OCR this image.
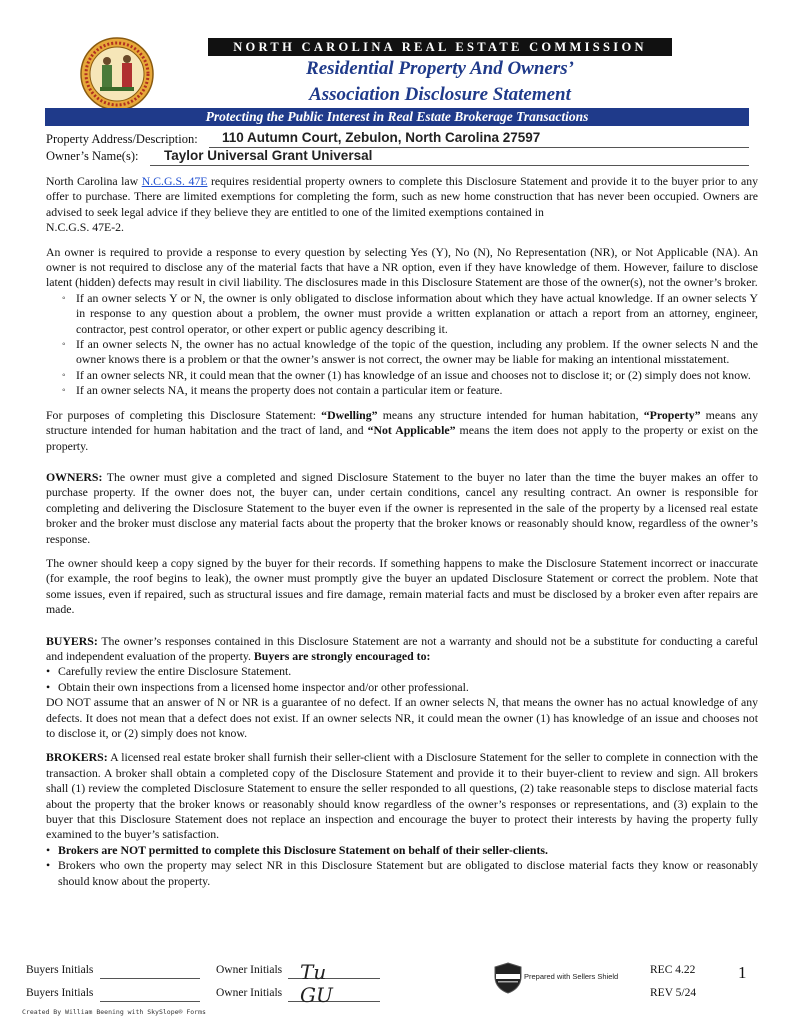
NORTH CAROLINA REAL ESTATE COMMISSION
Residential Property And Owners’
Association Disclosure Statement
Protecting the Public Interest in Real Estate Brokerage Transactions
Property Address/Description: 110 Autumn Court, Zebulon, North Carolina 27597
Owner’s Name(s): Taylor Universal Grant Universal

North Carolina law N.C.G.S. 47E requires residential property owners to complete this Disclosure Statement and provide it to the buyer prior to any offer to purchase. There are limited exemptions for completing the form, such as new home construction that has never been occupied. Owners are advised to seek legal advice if they believe they are entitled to one of the limited exemptions contained in
N.C.G.S. 47E-2.

An owner is required to provide a response to every question by selecting Yes (Y), No (N), No Representation (NR), or Not Applicable (NA). An owner is not required to disclose any of the material facts that have a NR option, even if they have knowledge of them. However, failure to disclose latent (hidden) defects may result in civil liability. The disclosures made in this Disclosure Statement are those of the owner(s), not the owner’s broker.

◦ If an owner selects Y or N, the owner is only obligated to disclose information about which they have actual knowledge. If an owner selects Y in response to any question about a problem, the owner must provide a written explanation or attach a report from an attorney, engineer, contractor, pest control operator, or other expert or public agency describing it.

◦ If an owner selects N, the owner has no actual knowledge of the topic of the question, including any problem. If the owner selects N and the owner knows there is a problem or that the owner’s answer is not correct, the owner may be liable for making an intentional misstatement.

◦ If an owner selects NR, it could mean that the owner (1) has knowledge of an issue and chooses not to disclose it; or (2) simply does not know.

◦ If an owner selects NA, it means the property does not contain a particular item or feature.

For purposes of completing this Disclosure Statement: “Dwelling” means any structure intended for human habitation, “Property” means any structure intended for human habitation and the tract of land, and “Not Applicable” means the item does not apply to the property or exist on the property.

OWNERS: The owner must give a completed and signed Disclosure Statement to the buyer no later than the time the buyer makes an offer to purchase property. If the owner does not, the buyer can, under certain conditions, cancel any resulting contract. An owner is responsible for completing and delivering the Disclosure Statement to the buyer even if the owner is represented in the sale of the property by a licensed real estate broker and the broker must disclose any material facts about the property that the broker knows or reasonably should know, regardless of the owner’s response.

The owner should keep a copy signed by the buyer for their records. If something happens to make the Disclosure Statement incorrect or inaccurate (for example, the roof begins to leak), the owner must promptly give the buyer an updated Disclosure Statement or correct the problem. Note that some issues, even if repaired, such as structural issues and fire damage, remain material facts and must be disclosed by a broker even after repairs are made.

BUYERS: The owner’s responses contained in this Disclosure Statement are not a warranty and should not be a substitute for conducting a careful and independent evaluation of the property. Buyers are strongly encouraged to:

• Carefully review the entire Disclosure Statement.

• Obtain their own inspections from a licensed home inspector and/or other professional.

DO NOT assume that an answer of N or NR is a guarantee of no defect. If an owner selects N, that means the owner has no actual knowledge of any defects. It does not mean that a defect does not exist. If an owner selects NR, it could mean the owner (1) has knowledge of an issue and chooses not to disclose it, or (2) simply does not know.

BROKERS: A licensed real estate broker shall furnish their seller-client with a Disclosure Statement for the seller to complete in connection with the transaction. A broker shall obtain a completed copy of the Disclosure Statement and provide it to their buyer-client to review and sign. All brokers shall (1) review the completed Disclosure Statement to ensure the seller responded to all questions, (2) take reasonable steps to disclose material facts about the property that the broker knows or reasonably should know regardless of the owner’s responses or representations, and (3) explain to the buyer that this Disclosure Statement does not replace an inspection and encourage the buyer to protect their interests by having the property fully examined to the buyer’s satisfaction.

• Brokers are NOT permitted to complete this Disclosure Statement on behalf of their seller-clients.

• Brokers who own the property may select NR in this Disclosure Statement but are obligated to disclose material facts they know or reasonably should know about the property.

Buyers Initials	Owner Initials Tu
Buyers Initials	Owner Initials GU
Prepared with Sellers Shield
REC 4.22
REV 5/24
1
Created By William Beening with SkySlope® Forms
